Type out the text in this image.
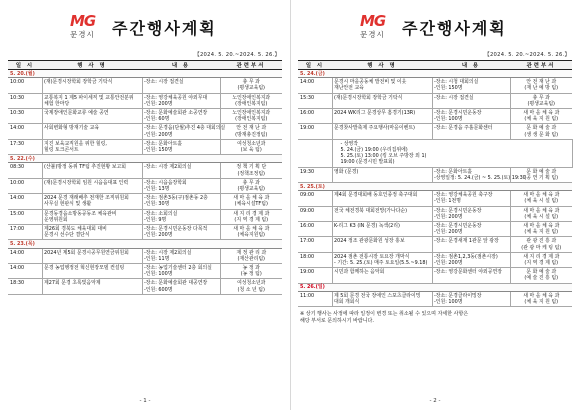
MG
문경시	주간행사계획
【2024. 5. 20.~2024. 5. 26.】
일 시	행 사 명	내 용	관련부서
5. 20.(월)			
10:00	(재)문경시장학회 장학금 기탁식	-장소: 시장 접견실	총 무 과
(평생교육팀)

10:30	교통복지 1 제5 파이세직 및 교통안전분위
체험 한마당	-장소: 영강체육공원 야외무대
-인원: 200명	노인장애인복지과
(장애인복지팀)

10:30	국제장애인문화교류 예술 공연	-장소: 문화예술회관 소공연장
-인원: 60명	노인장애인복지과
(장애인복지팀)

14:00	사회변화형 방재기술 교육	-장소: 문경읍(단월)추진 4층 대회의실
-인원: 200명	안 전 재 난 과
(방재총진정팀)

17:30	지진 보육교직원을 위한 힐링,
힐링 토크콘서트	-장소: 문화아트홀
-인원: 150명	여성청소년과
(보 육 팀)

5. 22.(수)			
08:30	(산불)방정 동위 TF팀 추진현황 보고회	-장소: 시장 제2회의실	정 책 기 획 단
(정책조정팀)

10:00	(재)문경시장학회 임원 시읍읍대표 인력	-장소: 시읍읍장학회
-인원: 13명	총 무 과
(평생교육팀)

14:00	2024 문경 재래배추 천재한 조직위원회
사무실 현판식 및 생활	-장소: 점촌3동(구)점촌동 2층
-인원: 30명	새 마 을 체 육 과
(체육시설TF팀)

15:00	문경동경읍소방동공동조 체육관비
운영위원회	-장소: 소회의실
-인원: 9명	새 지 리 경 제 과
(지 역 경 제 팀)

17:00	제26회 경북도 체육대회 대비
문경시 선수단 결단식	-장소: 문경시민운동장 다목적
-인원: 200명	새 마 을 체 육 과
(체육지원팀)

5. 23.(목)			
14:00	2024년 제5회 문경시공무원연금위원회	-장소: 시장 제2회의실
-인원: 11명	재 정 관 리 과
(재산관리팀)

14:00	문경 농업행정전 혁신현장모델 컨설팅	-장소: 농업기술센터 2층 회의실
-인원: 100명	농 정 과
(농 정 팀)

18:30	제27회 문경 초록빛음악제	-장소: 문화예술회관 대공연장
-인원: 600명	여성청소년과
(청 소 년 팀)
- 1 -
MG
문경시	주간행사계획
【2024. 5. 20.~2024. 5. 26.】
일 시	행 사 명	내 용	관련부서
5. 24.(금)			
14:00	문경시 마을공동체 발전비 및 이웃
재난안전 교육	-장소: 시청 대회의실
-인원: 150명	안 전 재 난 과
(재 난 예 방 팀)

15:30	(재)문경시장학회 장학금 기탁식	-장소: 시장 접견실	총 무 과
(평생교육팀)

16:00	2024 WK리그 문경상무 홈경기(13R)	-장소: 문경시민운동장
-인원: 100명	새 마 을 체 육 과
(체 육 지 원 팀)

19:00	문경찻사발축제 주요행사(마을이벤트)	-장소: 문경읍 주흘문화센터	문 화 예 술 과
(생 생 문 화 팀)

	- 상영작
5. 24.(금) 19:00 (우리집위에)
5. 25.(토) 13:00 (킹 오브 주방장 외 1)
19:00 (문경시민 발표회)		

19:30	영화 (문경)	-장소: 문화아트홀
-상영일정: 5. 24.(금) ~ 5. 25.(토) 19:30	문 화 예 술 과
(공 연 기 획 팀)

5. 25.(토)			
09:00	제4회 문경대회배 동호인종정 축구대회	-장소: 영강체육공원 축구장
-인원: 1천명	새 마 을 체 육 과
(체 육 시 설 팀)

09:00	전국 체전경북 대회전망(가나다순)	-장소: 문경시민운동장
-인원: 200명	새 마 을 체 육 과
(체 육 시 설 팀)

16:00	K-리그 K3 (IN 문경) 녹색(2리)	-장소: 문경시민운동장
-인원: 200명	새 마 을 체 육 과
(체 육 지 원 팀)

17:00	2024 정조 관광문화원 성장 홍보	-장소: 문경새재 1관문 앞 광장	관 광 진 흥 과
(관 광 마 케 팅 팀)

18:00	2024 점촌 전통시장 토요장 개막식
- 기간: 5. 25.(토) 매주 토요일(5.5.~9.18)	-장소: 점촌1,2,3동(점촌시장)
-인원: 200명	새 지 리 경 제 과
(지 역 경 제 팀)

19:00	시민과 함께하는 음악회	-장소: 영강문화센터 야외공연장	문 화 예 술 과
(예 술 진 흥 팀)

5. 26.(일)			
11:00	제 5회 문경 전국 장애인 스포츠클라이밍
대회 개회식	-장소: 문경클라이밍장
-인원: 100명	새 마 을 체 육 과
(체 육 지 원 팀)
※ 상기 행사는 사정에 따라 일정이 변경 또는 취소될 수 있으며 자세한 사항은
해당 부서로 문의하시기 바랍니다.
- 2 -
